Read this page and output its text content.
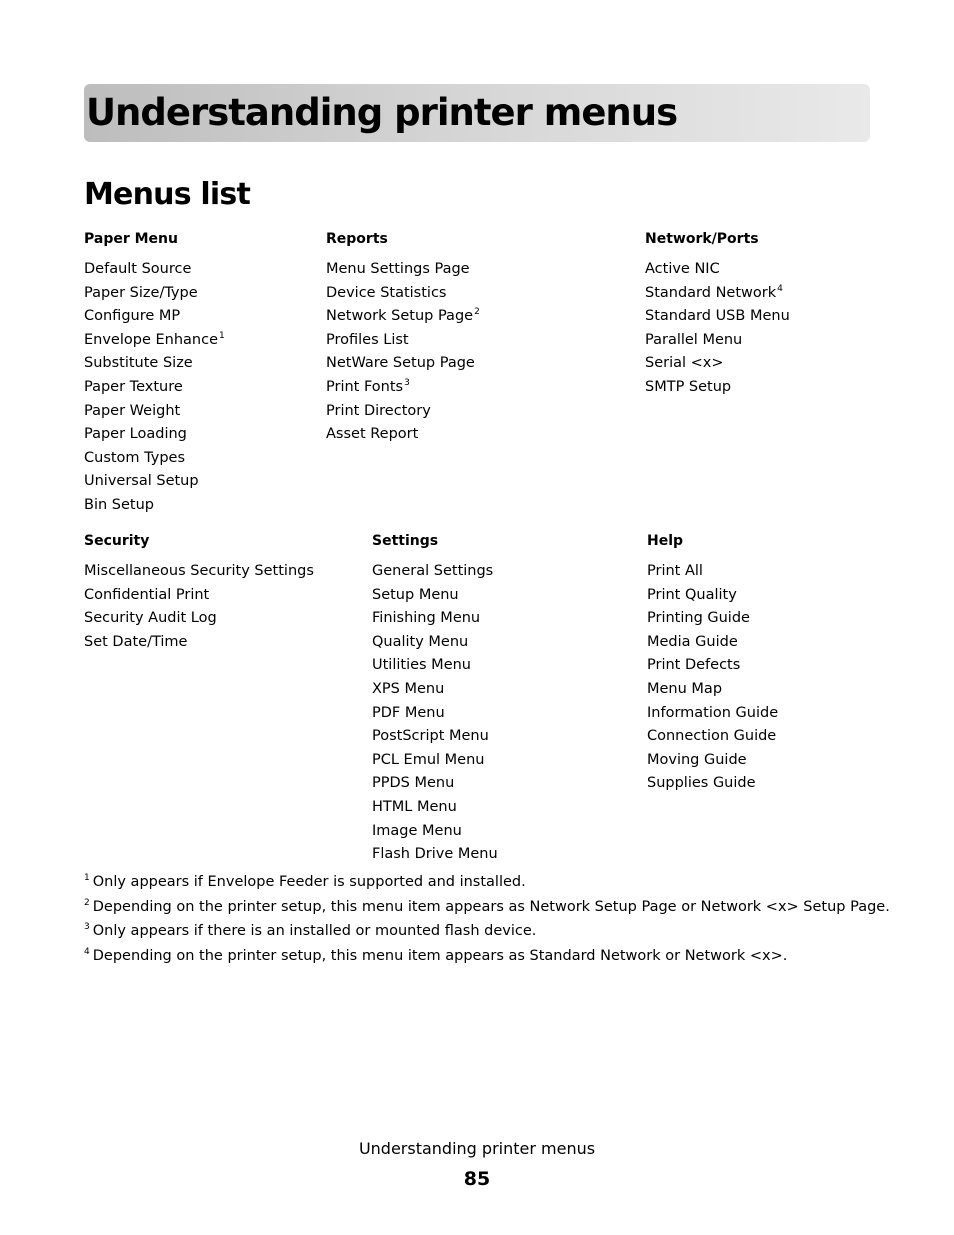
Understanding printer menus
Menus list
Paper Menu
Default Source
Paper Size/Type
Configure MP
Envelope Enhance$^1$
Substitute Size
Paper Texture
Paper Weight
Paper Loading
Custom Types
Universal Setup
Bin Setup
Reports
Menu Settings Page
Device Statistics
Network Setup Page$^2$
Profiles List
NetWare Setup Page
Print Fonts$^3$
Print Directory
Asset Report
Network/Ports
Active NIC
Standard Network$^4$
Standard USB Menu
Parallel Menu
Serial <x>
SMTP Setup
Security
Miscellaneous Security Settings
Confidential Print
Security Audit Log
Set Date/Time
Settings
General Settings
Setup Menu
Finishing Menu
Quality Menu
Utilities Menu
XPS Menu
PDF Menu
PostScript Menu
PCL Emul Menu
PPDS Menu
HTML Menu
Image Menu
Flash Drive Menu
Help
Print All
Print Quality
Printing Guide
Media Guide
Print Defects
Menu Map
Information Guide
Connection Guide
Moving Guide
Supplies Guide
$^1$ Only appears if Envelope Feeder is supported and installed.
$^2$ Depending on the printer setup, this menu item appears as Network Setup Page or Network <x> Setup Page.
$^3$ Only appears if there is an installed or mounted flash device.
$^4$ Depending on the printer setup, this menu item appears as Standard Network or Network <x>.
Understanding printer menus
85
